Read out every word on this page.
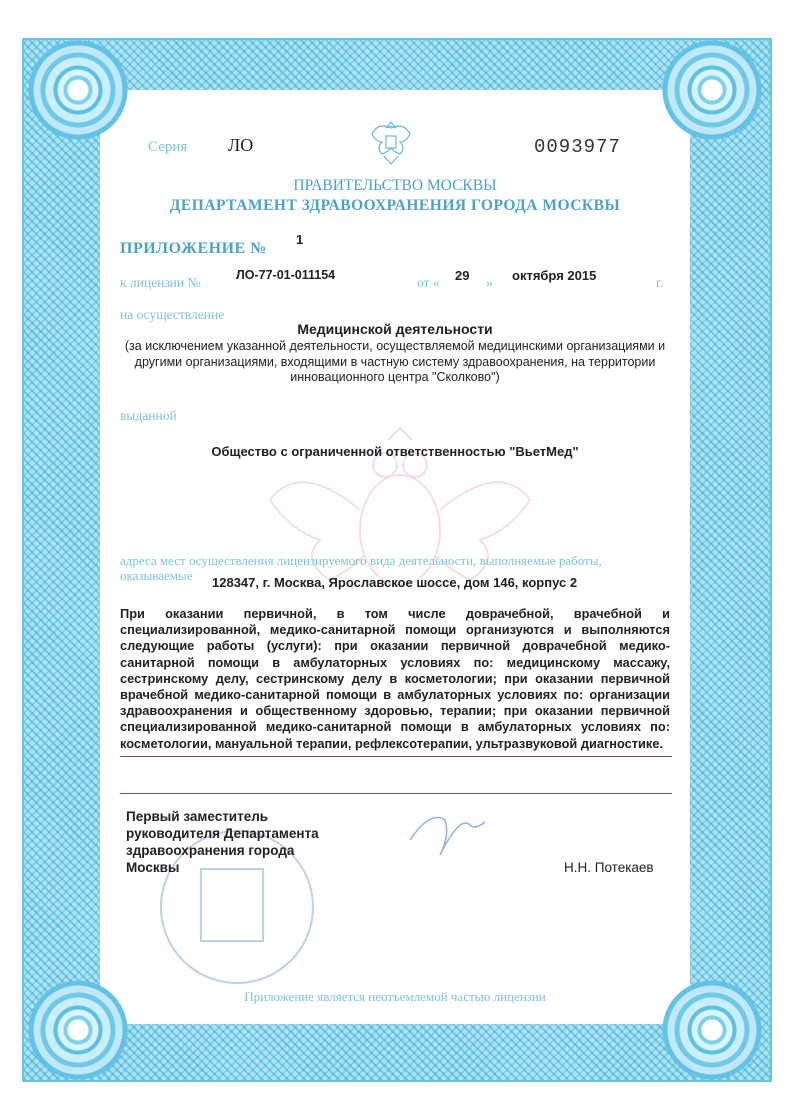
Серия ЛО	0093977

ПРАВИТЕЛЬСТВО МОСКВЫ

ДЕПАРТАМЕНТ ЗДРАВООХРАНЕНИЯ ГОРОДА МОСКВЫ

ПРИЛОЖЕНИЕ №

1

к лицензии №	ЛО-77-01-011154	от « 29 » октября 2015	г.

на осуществление

Медицинской деятельности

(за исключением указанной деятельности, осуществляемой медицинскими организациями и другими организациями, входящими в частную систему здравоохранения, на территории инновационного центра "Сколково")

выданной

Общество с ограниченной ответственностью "ВьетМед"

адреса мест осуществления лицензируемого вида деятельности, выполняемые работы,

оказываемые 128347, г. Москва, Ярославское шоссе, дом 146, корпус 2

При оказании первичной, в том числе доврачебной, врачебной и специализированной, медико-санитарной помощи организуются и выполняются следующие работы (услуги): при оказании первичной доврачебной медико-санитарной помощи в амбулаторных условиях по: медицинскому массажу, сестринскому делу, сестринскому делу в косметологии; при оказании первичной врачебной медико-санитарной помощи в амбулаторных условиях по: организации здравоохранения и общественному здоровью, терапии; при оказании первичной специализированной медико-санитарной помощи в амбулаторных условиях по: косметологии, мануальной терапии, рефлексотерапии, ультразвуковой диагностике.

Первый заместитель

руководителя Департамента

здравоохранения города

Москвы	Н.Н. Потекаев

Приложение является неотъемлемой частью лицензии
